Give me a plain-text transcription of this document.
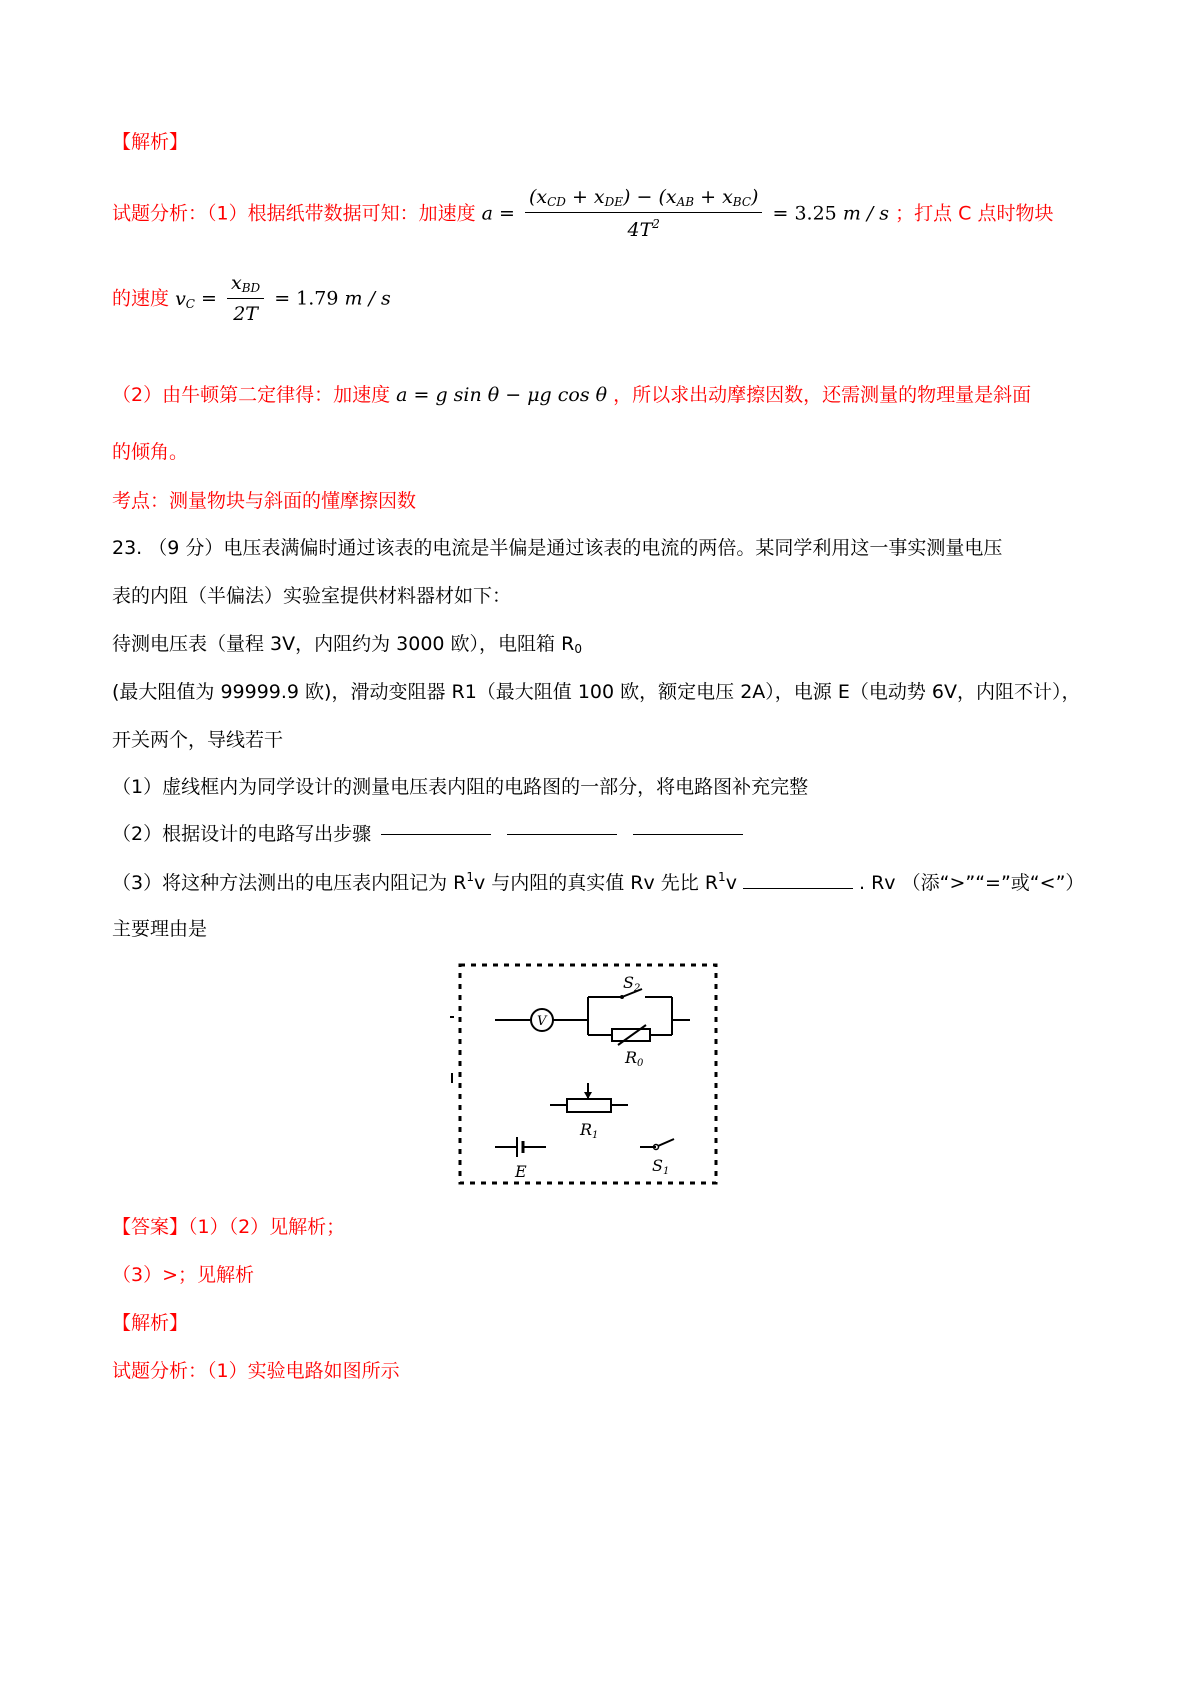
【解析】
试题分析：（1）根据纸带数据可知：加速度 $a = \frac{(x_{CD} + x_{DE}) - (x_{AB} + x_{BC})}{4T^2} = 3.25$ m / s ；打点 C 点时物块
的速度 $v_C = \frac{x_{BD}}{2T} = 1.79$ m / s
（2）由牛顿第二定律得：加速度 a = g sin θ − μg cos θ ，所以求出动摩擦因数，还需测量的物理量是斜面
的倾角。
考点：测量物块与斜面的懂摩擦因数
23. （9 分）电压表满偏时通过该表的电流是半偏是通过该表的电流的两倍。某同学利用这一事实测量电压
表的内阻（半偏法）实验室提供材料器材如下：
待测电压表（量程 3V，内阻约为 3000 欧），电阻箱 $R_0$
(最大阻值为 99999.9 欧)，滑动变阻器 R1（最大阻值 100 欧，额定电压 2A），电源 E（电动势 6V，内阻不计），
开关两个，导线若干
（1）虚线框内为同学设计的测量电压表内阻的电路图的一部分，将电路图补充完整
（2）根据设计的电路写出步骤
（3）将这种方法测出的电压表内阻记为 $R^1v$ 与内阻的真实值 Rv 先比 $R^1v$	. Rv （添“>”“=”或“<”）
主要理由是
V
S2
R0
R1
E	S1
【答案】（1）（2）见解析；
（3）>；见解析
【解析】
试题分析：（1）实验电路如图所示
